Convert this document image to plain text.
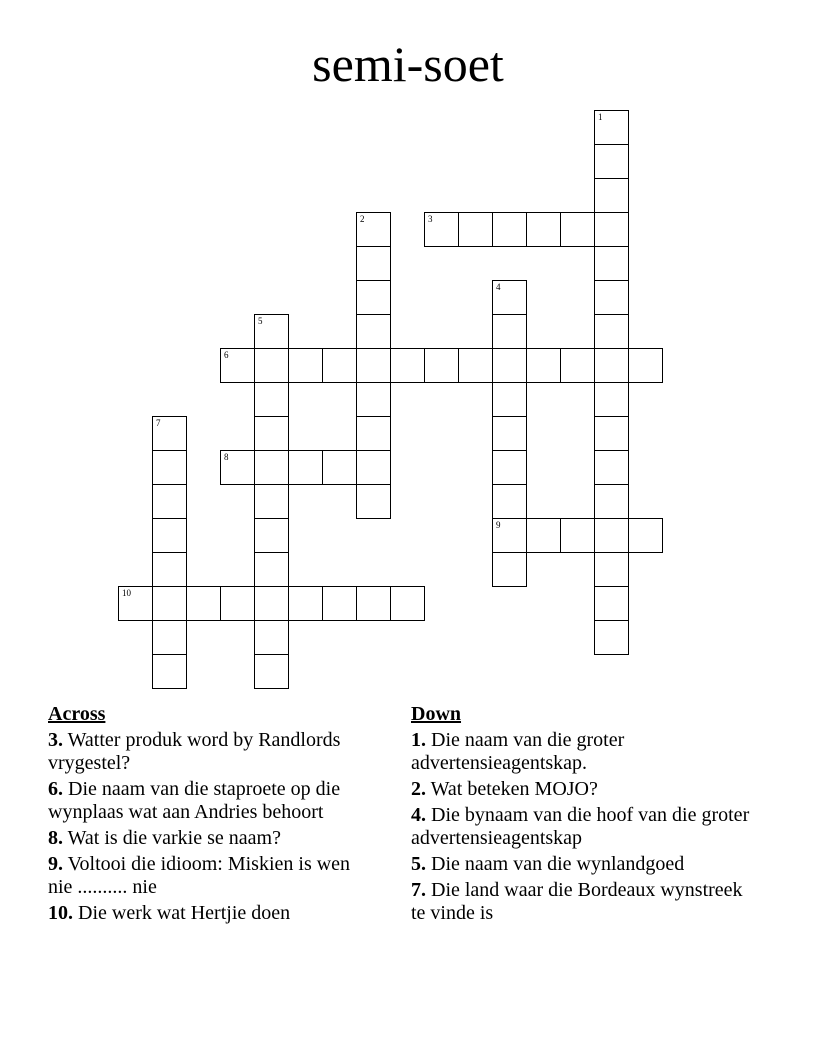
semi-soet
1
2	3
4
9
5
6
7
8
10
Across
3. Watter produk word by Randlords vrygestel?
6. Die naam van die staproete op die wynplaas wat aan Andries behoort
8. Wat is die varkie se naam?
9. Voltooi die idioom: Miskien is wen nie .......... nie
10. Die werk wat Hertjie doen
Down
1. Die naam van die groter advertensieagentskap.
2. Wat beteken MOJO?
4. Die bynaam van die hoof van die groter advertensieagentskap
5. Die naam van die wynlandgoed
7. Die land waar die Bordeaux wynstreek te vinde is
